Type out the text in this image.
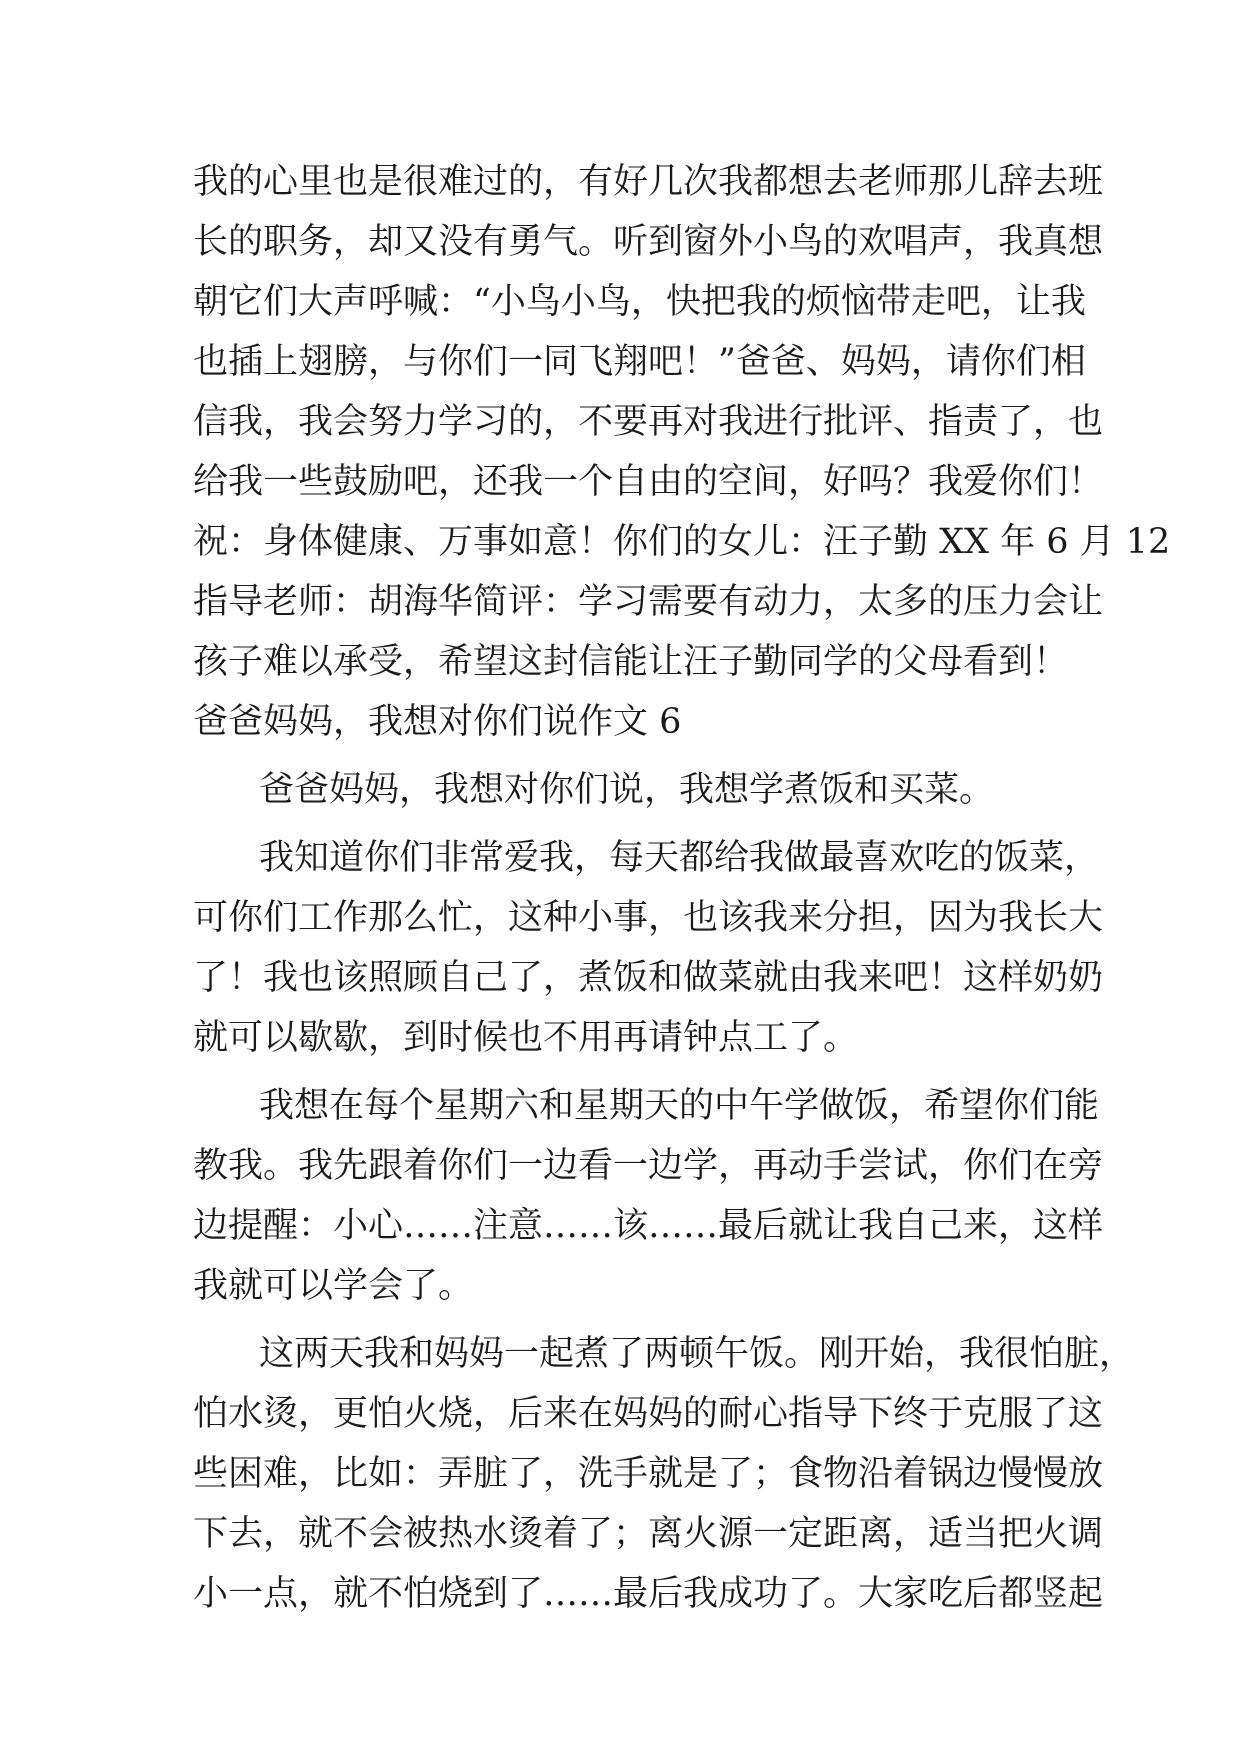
我的心里也是很难过的，有好几次我都想去老师那儿辞去班
长的职务，却又没有勇气。听到窗外小鸟的欢唱声，我真想
朝它们大声呼喊：“小鸟小鸟，快把我的烦恼带走吧，让我
也插上翅膀，与你们一同飞翔吧！”爸爸、妈妈，请你们相
信我，我会努力学习的，不要再对我进行批评、指责了，也
给我一些鼓励吧，还我一个自由的空间，好吗？我爱你们！
祝：身体健康、万事如意！你们的女儿：汪子勤 XX 年 6 月 12
指导老师：胡海华简评：学习需要有动力，太多的压力会让
孩子难以承受，希望这封信能让汪子勤同学的父母看到！
爸爸妈妈，我想对你们说作文 6
爸爸妈妈，我想对你们说，我想学煮饭和买菜。
我知道你们非常爱我，每天都给我做最喜欢吃的饭菜，
可你们工作那么忙，这种小事，也该我来分担，因为我长大
了！我也该照顾自己了，煮饭和做菜就由我来吧！这样奶奶
就可以歇歇，到时候也不用再请钟点工了。
我想在每个星期六和星期天的中午学做饭，希望你们能
教我。我先跟着你们一边看一边学，再动手尝试，你们在旁
边提醒：小心……注意……该……最后就让我自己来，这样
我就可以学会了。
这两天我和妈妈一起煮了两顿午饭。刚开始，我很怕脏，
怕水烫，更怕火烧，后来在妈妈的耐心指导下终于克服了这
些困难，比如：弄脏了，洗手就是了；食物沿着锅边慢慢放
下去，就不会被热水烫着了；离火源一定距离，适当把火调
小一点，就不怕烧到了……最后我成功了。大家吃后都竖起
